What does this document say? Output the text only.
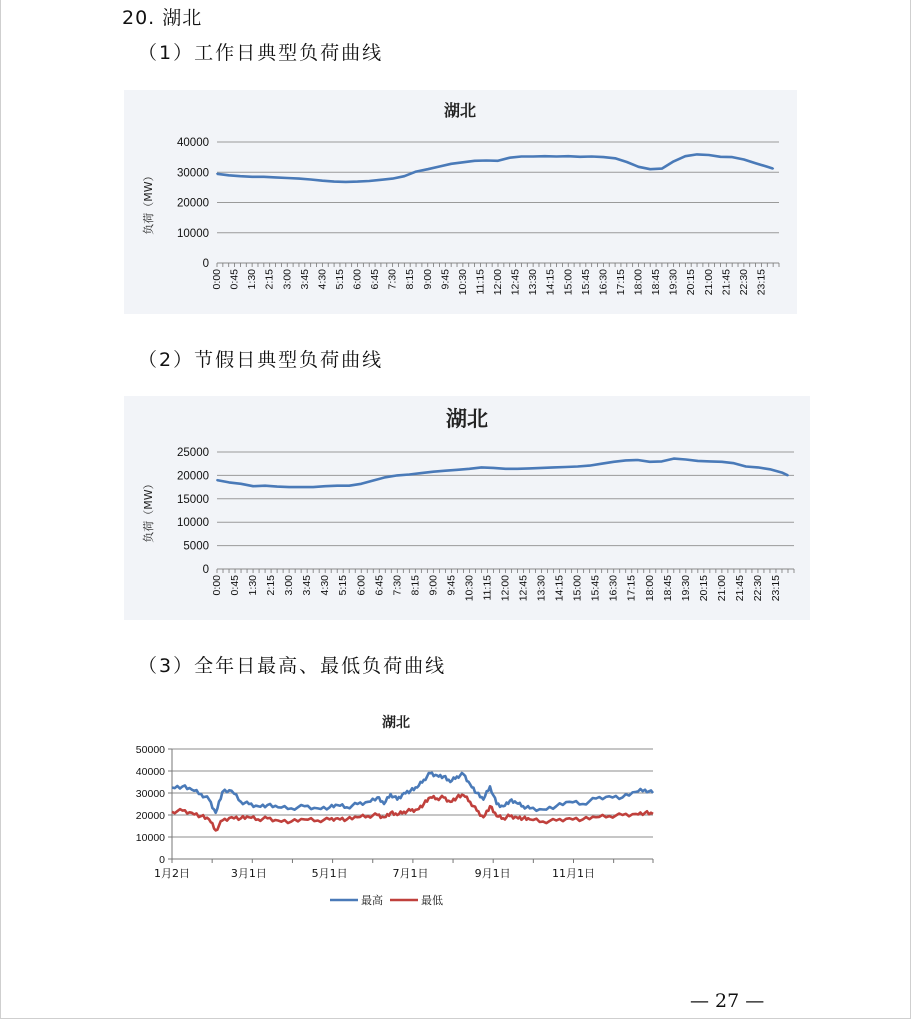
20. 湖北
（1）工作日典型负荷曲线
湖北
0
10000
20000
30000
40000
负荷（MW）
0:00 0:45 1:30 2:15 3:00 3:45 4:30 5:15 6:00 6:45 7:30 8:15 9:00 9:45 10:30 11:15 12:00 12:45 13:30 14:15 15:00 15:45 16:30 17:15 18:00 18:45 19:30 20:15 21:00 21:45 22:30 23:15
（2）节假日典型负荷曲线
湖北
0
5000
10000
15000
20000
25000
负荷（MW）
0:00 0:45 1:30 2:15 3:00 3:45 4:30 5:15 6:00 6:45 7:30 8:15 9:00 9:45 10:30 11:15 12:00 12:45 13:30 14:15 15:00 15:45 16:30 17:15 18:00 18:45 19:30 20:15 21:00 21:45 22:30 23:15
（3）全年日最高、最低负荷曲线
湖北
0
10000
20000
30000
40000
50000
1月2日	3月1日	5月1日	7月1日	9月1日	11月1日
最高	最低
— 27 —
